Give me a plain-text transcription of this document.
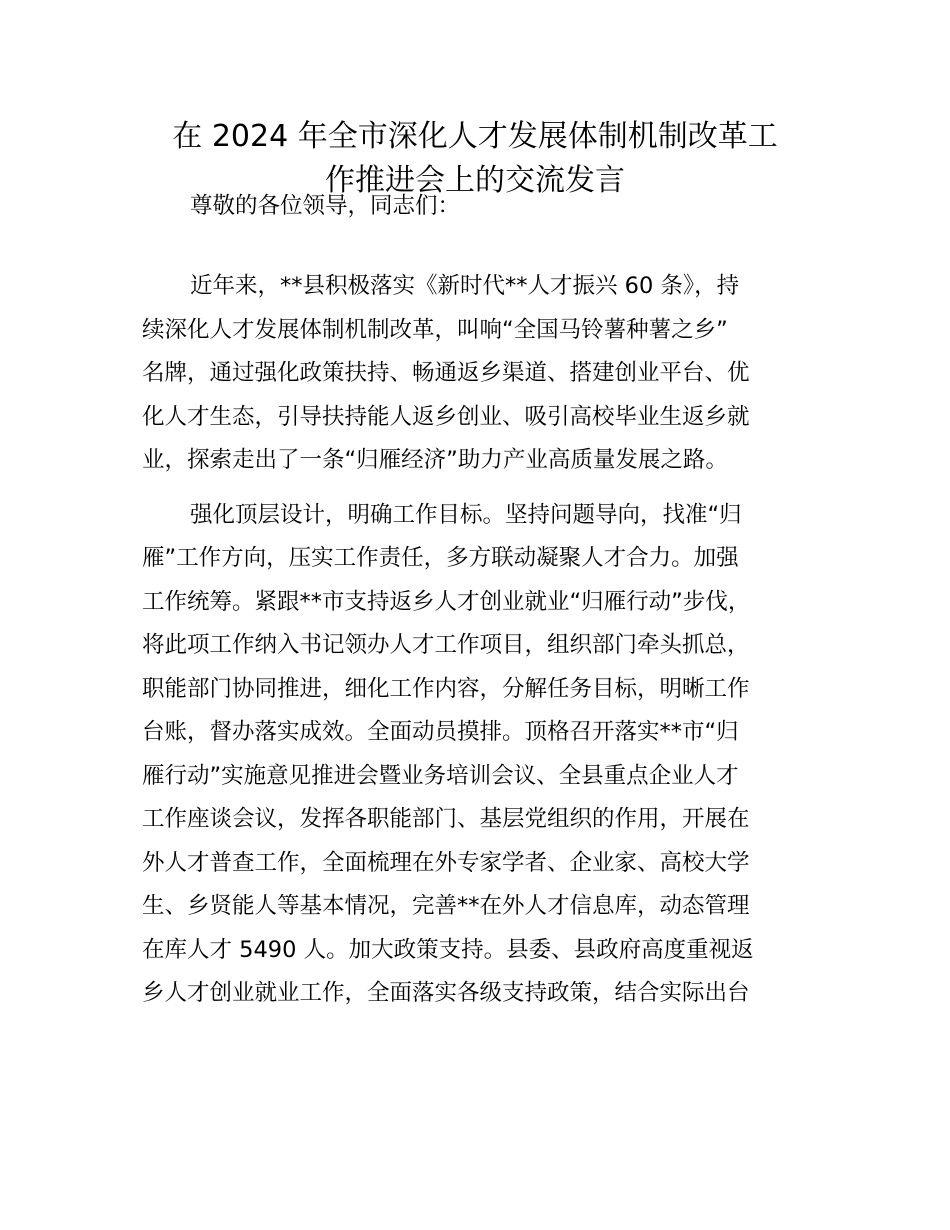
在 2024 年全市深化人才发展体制机制改革工
作推进会上的交流发言

尊敬的各位领导，同志们：

近年来，**县积极落实《新时代**人才振兴 60 条》，持

续深化人才发展体制机制改革，叫响“全国马铃薯种薯之乡”

名牌，通过强化政策扶持、畅通返乡渠道、搭建创业平台、优

化人才生态，引导扶持能人返乡创业、吸引高校毕业生返乡就

业，探索走出了一条“归雁经济”助力产业高质量发展之路。

强化顶层设计，明确工作目标。坚持问题导向，找准“归

雁”工作方向，压实工作责任，多方联动凝聚人才合力。加强

工作统筹。紧跟**市支持返乡人才创业就业“归雁行动”步伐，

将此项工作纳入书记领办人才工作项目，组织部门牵头抓总，

职能部门协同推进，细化工作内容，分解任务目标，明晰工作

台账，督办落实成效。全面动员摸排。顶格召开落实**市“归

雁行动”实施意见推进会暨业务培训会议、全县重点企业人才

工作座谈会议，发挥各职能部门、基层党组织的作用，开展在

外人才普查工作，全面梳理在外专家学者、企业家、高校大学

生、乡贤能人等基本情况，完善**在外人才信息库，动态管理

在库人才 5490 人。加大政策支持。县委、县政府高度重视返

乡人才创业就业工作，全面落实各级支持政策，结合实际出台
